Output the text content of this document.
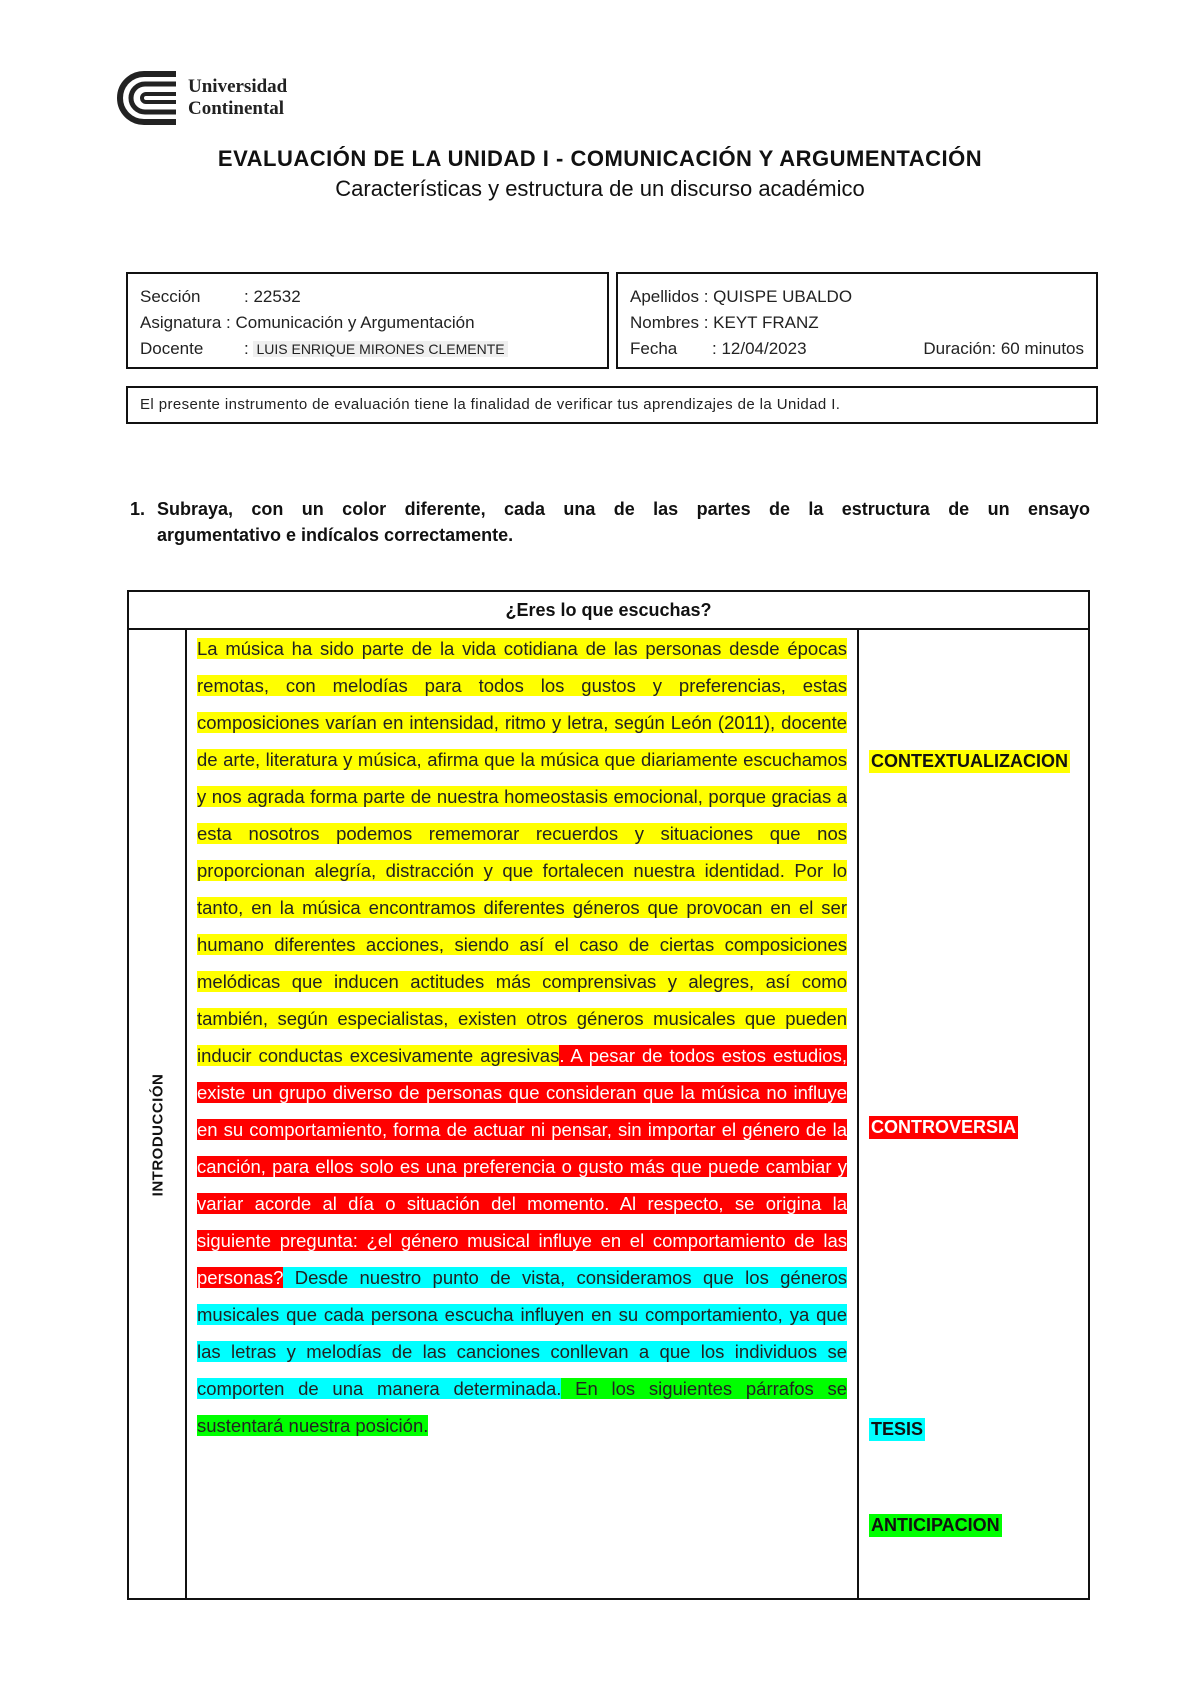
Universidad
Continental
EVALUACIÓN DE LA UNIDAD I - COMUNICACIÓN Y ARGUMENTACIÓN
Características y estructura de un discurso académico
Sección	: 22532
Asignatura : Comunicación y Argumentación
Docente : LUIS ENRIQUE MIRONES CLEMENTE
Apellidos : QUISPE UBALDO
Nombres : KEYT FRANZ
Fecha : 12/04/2023	Duración: 60 minutos
El presente instrumento de evaluación tiene la finalidad de verificar tus aprendizajes de la Unidad I.
1. Subraya, con un color diferente, cada una de las partes de la estructura de un ensayo
argumentativo e indícalos correctamente.
¿Eres lo que escuchas?
INTRODUCCIÓN
La música ha sido parte de la vida cotidiana de las personas desde épocas remotas, con melodías para todos los gustos y preferencias, estas composiciones varían en intensidad, ritmo y letra, según León (2011), docente de arte, literatura y música, afirma que la música que diariamente escuchamos y nos agrada forma parte de nuestra homeostasis emocional, porque gracias a esta nosotros podemos rememorar recuerdos y situaciones que nos proporcionan alegría, distracción y que fortalecen nuestra identidad. Por lo tanto, en la música encontramos diferentes géneros que provocan en el ser humano diferentes acciones, siendo así el caso de ciertas composiciones melódicas que inducen actitudes más comprensivas y alegres, así como también, según especialistas, existen otros géneros musicales que pueden inducir conductas excesivamente agresivas. A pesar de todos estos estudios, existe un grupo diverso de personas que consideran que la música no influye en su comportamiento, forma de actuar ni pensar, sin importar el género de la canción, para ellos solo es una preferencia o gusto más que puede cambiar y variar acorde al día o situación del momento. Al respecto, se origina la siguiente pregunta: ¿el género musical influye en el comportamiento de las personas? Desde nuestro punto de vista, consideramos que los géneros musicales que cada persona escucha influyen en su comportamiento, ya que las letras y melodías de las canciones conllevan a que los individuos se comporten de una manera determinada. En los siguientes párrafos se sustentará nuestra posición.
CONTEXTUALIZACION
CONTROVERSIA
TESIS
ANTICIPACION
